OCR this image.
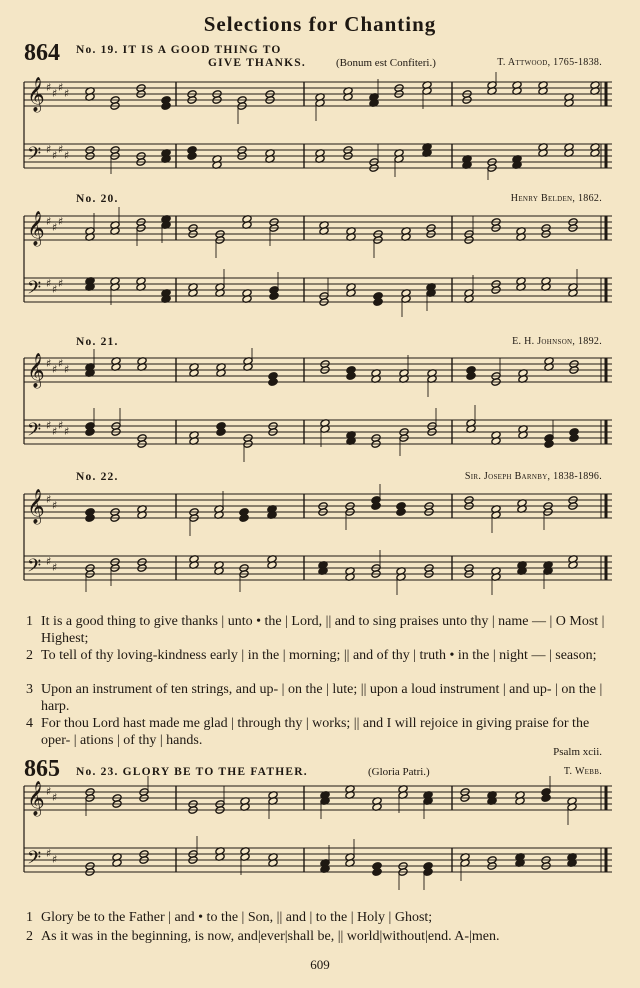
Selections for Chanting
864 No. 19. IT IS A GOOD THING TO
GIVE THANKS.	(Bonum est Confiteri.)	T. Attwood, 1765-1838.
𝄞 ♯ ♯ ♯ ♯
𝄢 ♯ ♯ ♯ ♯
No. 20.	Henry Belden, 1862.
𝄞 ♯ ♯ ♯
𝄢 ♯ ♯ ♯
No. 21.	E. H. Johnson, 1892.
𝄞 ♯ ♯ ♯ ♯
𝄢 ♯ ♯ ♯ ♯
No. 22.	Sir. Joseph Barnby, 1838-1896.
𝄞 ♯ ♯
𝄢 ♯ ♯
1 It is a good thing to give thanks | unto • the | Lord, || and to sing praises unto thy | name — | O Most | Highest;
2 To tell of thy loving-kindness early | in the | morning; || and of thy | truth • in the | night — | season;
3 Upon an instrument of ten strings, and up- | on the | lute; || upon a loud instrument | and up- | on the | harp.
4 For thou Lord hast made me glad | through thy | works; || and I will rejoice in giving praise for the oper- | ations | of thy | hands.
Psalm xcii.
865 No. 23. GLORY BE TO THE FATHER.	(Gloria Patri.)	T. Webb.
𝄞 ♯ ♯
𝄢 ♯ ♯
1 Glory be to the Father | and • to the | Son, || and | to the | Holy | Ghost;
2 As it was in the beginning, is now, and|ever|shall be, || world|without|end. A-|men.
609
